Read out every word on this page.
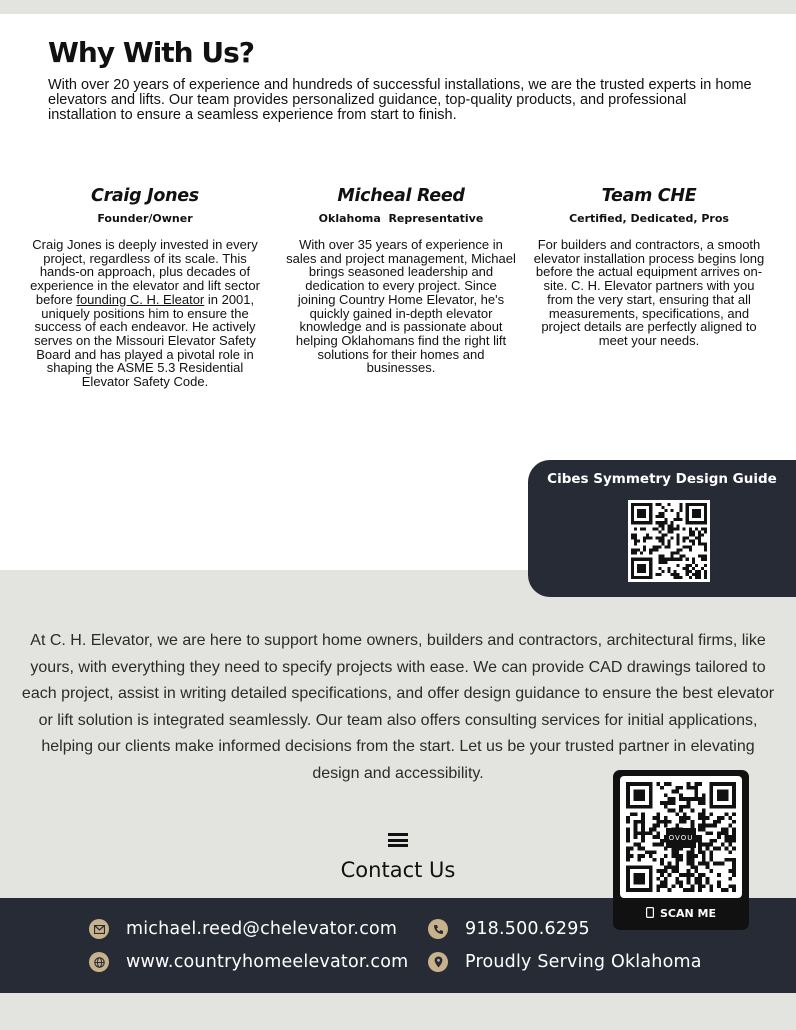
Why With Us?

With over 20 years of experience and hundreds of successful installations, we are the trusted experts in home elevators and lifts. Our team provides personalized guidance, top-quality products, and professional installation to ensure a seamless experience from start to finish.

Craig Jones
Founder/Owner
Craig Jones is deeply invested in every project, regardless of its scale. This hands-on approach, plus decades of experience in the elevator and lift sector before founding C. H. Eleator in 2001, uniquely positions him to ensure the success of each endeavor. He actively serves on the Missouri Elevator Safety Board and has played a pivotal role in shaping the ASME 5.3 Residential Elevator Safety Code.
Micheal Reed
Oklahoma  Representative
With over 35 years of experience in sales and project management, Michael brings seasoned leadership and dedication to every project. Since joining Country Home Elevator, he's quickly gained in-depth elevator knowledge and is passionate about helping Oklahomans find the right lift solutions for their homes and businesses.
Team CHE
Certified, Dedicated, Pros
For builders and contractors, a smooth elevator installation process begins long before the actual equipment arrives on-site. C. H. Elevator partners with you from the very start, ensuring that all measurements, specifications, and project details are perfectly aligned to meet your needs.
Cibes Symmetry Design Guide

At C. H. Elevator, we are here to support home owners, builders and contractors, architectural firms, like yours, with everything they need to specify projects with ease. We can provide CAD drawings tailored to each project, assist in writing detailed specifications, and offer design guidance to ensure the best elevator or lift solution is integrated seamlessly. Our team also offers consulting services for initial applications, helping our clients make informed decisions from the start. Let us be your trusted partner in elevating design and accessibility.

Contact Us
michael.reed@chelevator.com	918.500.6295
www.countryhomeelevator.com	Proudly Serving Oklahoma
OVOU
SCAN ME
